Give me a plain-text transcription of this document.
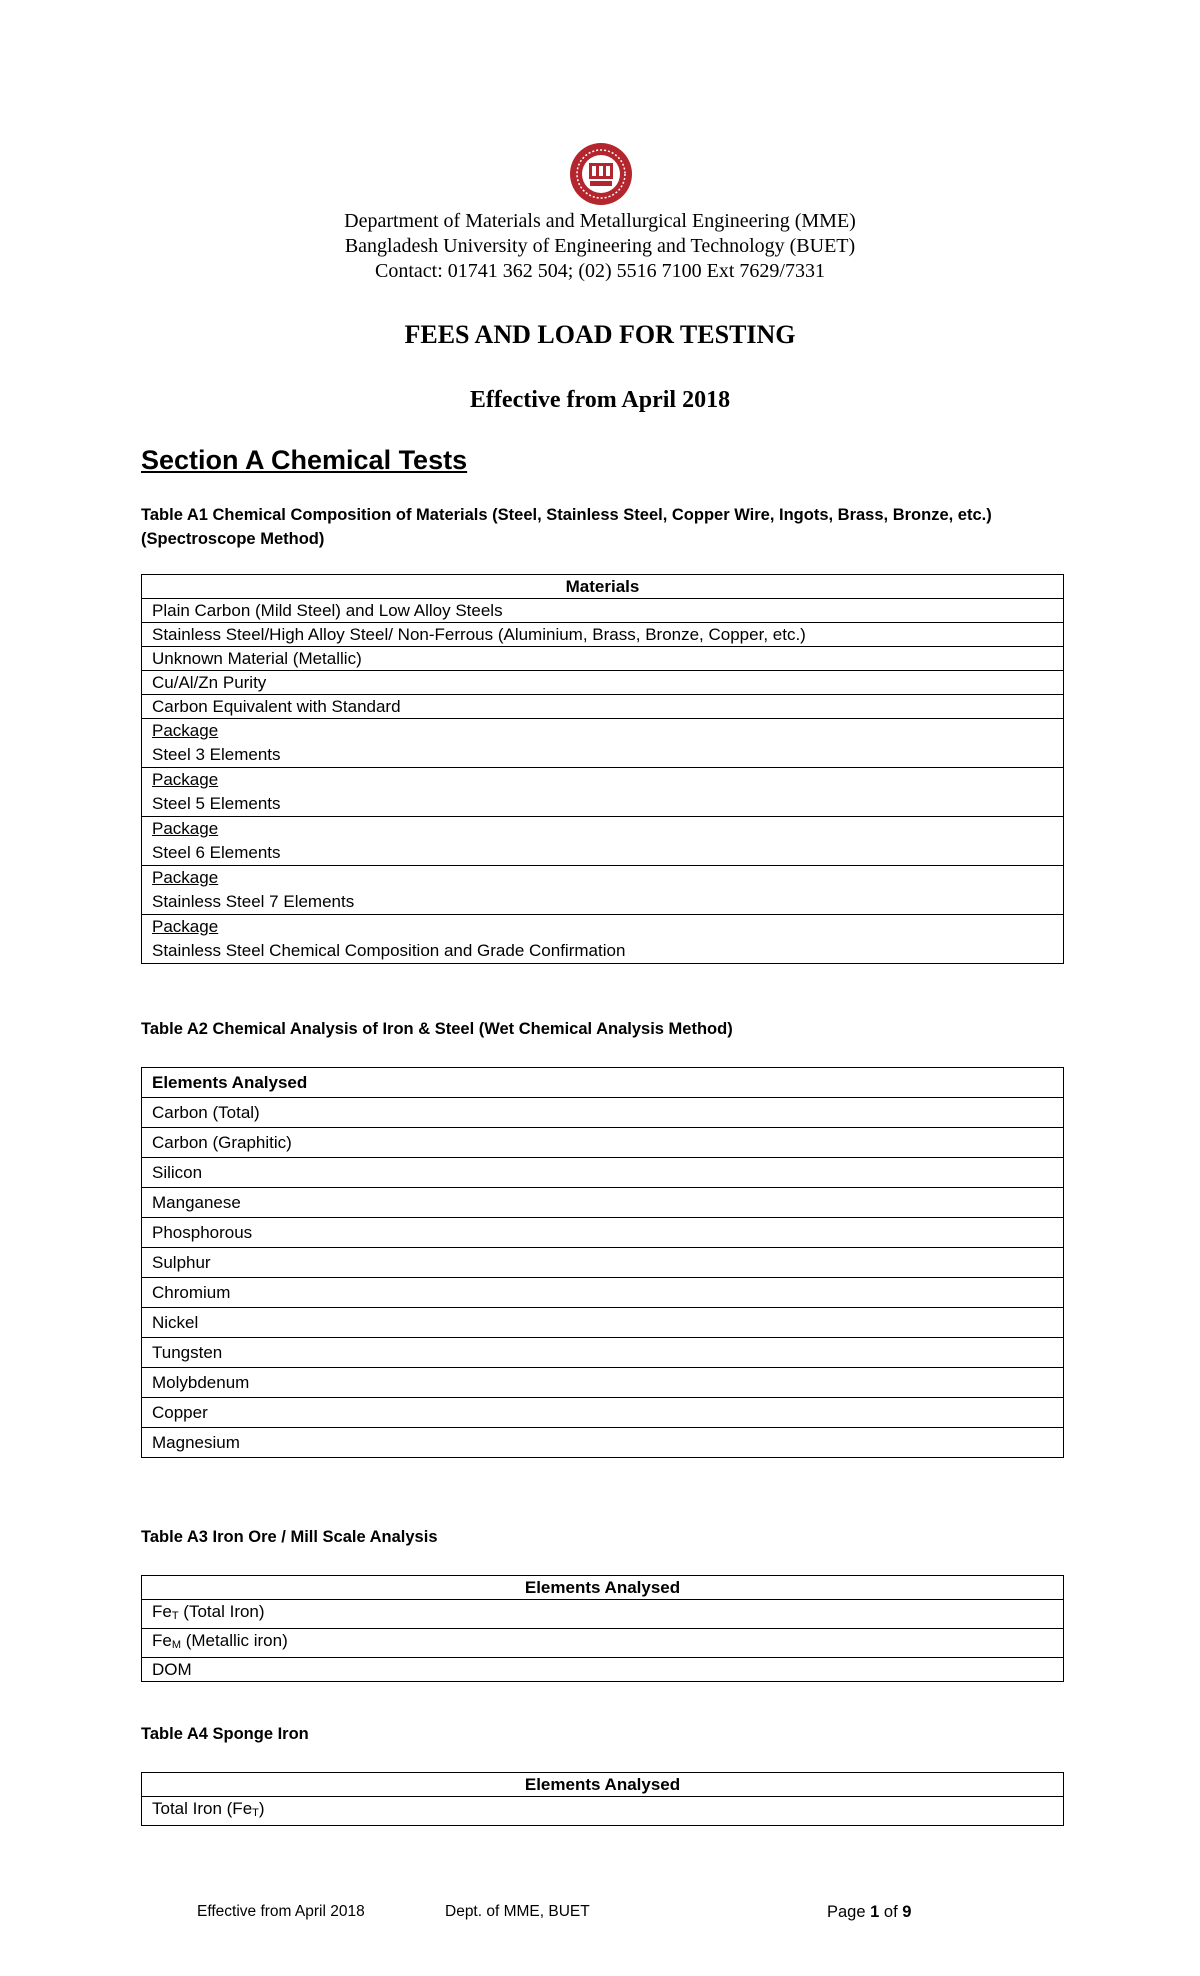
Department of Materials and Metallurgical Engineering (MME)
Bangladesh University of Engineering and Technology (BUET)
Contact: 01741 362 504; (02) 5516 7100 Ext 7629/7331
FEES AND LOAD FOR TESTING
Effective from April 2018
Section A Chemical Tests
Table A1 Chemical Composition of Materials (Steel, Stainless Steel, Copper Wire, Ingots, Brass, Bronze, etc.)
(Spectroscope Method)
Materials
Plain Carbon (Mild Steel) and Low Alloy Steels
Stainless Steel/High Alloy Steel/ Non-Ferrous (Aluminium, Brass, Bronze, Copper, etc.)
Unknown Material (Metallic)
Cu/Al/Zn Purity
Carbon Equivalent with Standard

Package
Steel 3 Elements

Package
Steel 5 Elements

Package
Steel 6 Elements

Package
Stainless Steel 7 Elements

Package
Stainless Steel Chemical Composition and Grade Confirmation
Table A2 Chemical Analysis of Iron & Steel (Wet Chemical Analysis Method)
Elements Analysed
Carbon (Total)
Carbon (Graphitic)
Silicon
Manganese
Phosphorous
Sulphur
Chromium
Nickel
Tungsten
Molybdenum
Copper
Magnesium
Table A3 Iron Ore / Mill Scale Analysis
Elements Analysed
$Fe_T$ (Total Iron)
$Fe_M$ (Metallic iron)
DOM
Table A4 Sponge Iron
Elements Analysed
Total Iron $(Fe_T)$
Effective from April 2018	Dept. of MME, BUET	Page 1 of 9
